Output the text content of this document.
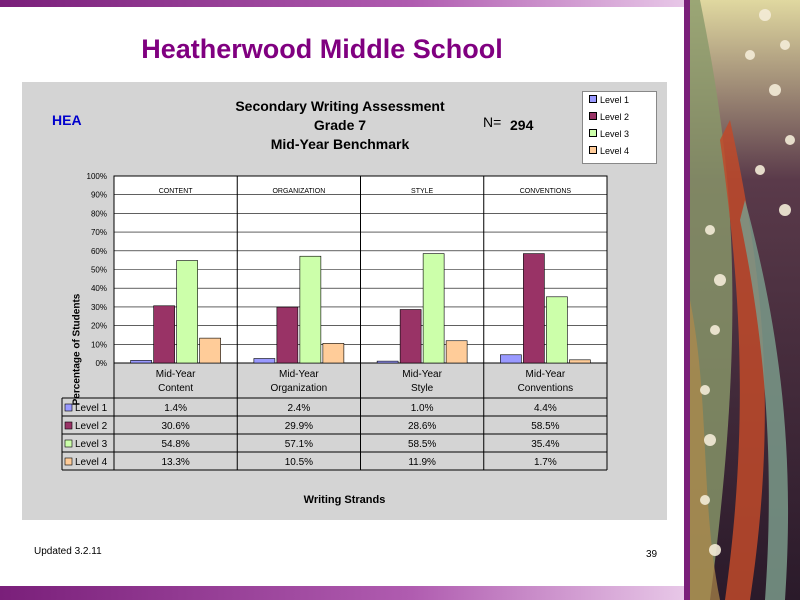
Heatherwood Middle School
Secondary Writing Assessment
Grade 7
Mid-Year Benchmark
HEA	N= 294
Level 1
Level 2
Level 3
Level 4
Percentage of Students
Writing Strands
0%
10%
20%
30%
40%
50%
60%
70%
80%
90%
100%
CONTENT	ORGANIZATION	STYLE	CONVENTIONS
Mid-Year
Content
Mid-Year
Organization
Mid-Year
Style
Mid-Year
Conventions
Level 1	1.4%	2.4%	1.0%	4.4%
Level 2	30.6%	29.9%	28.6%	58.5%
Level 3	54.8%	57.1%	58.5%	35.4%
Level 4	13.3%	10.5%	11.9%	1.7%
Updated 3.2.11	39
